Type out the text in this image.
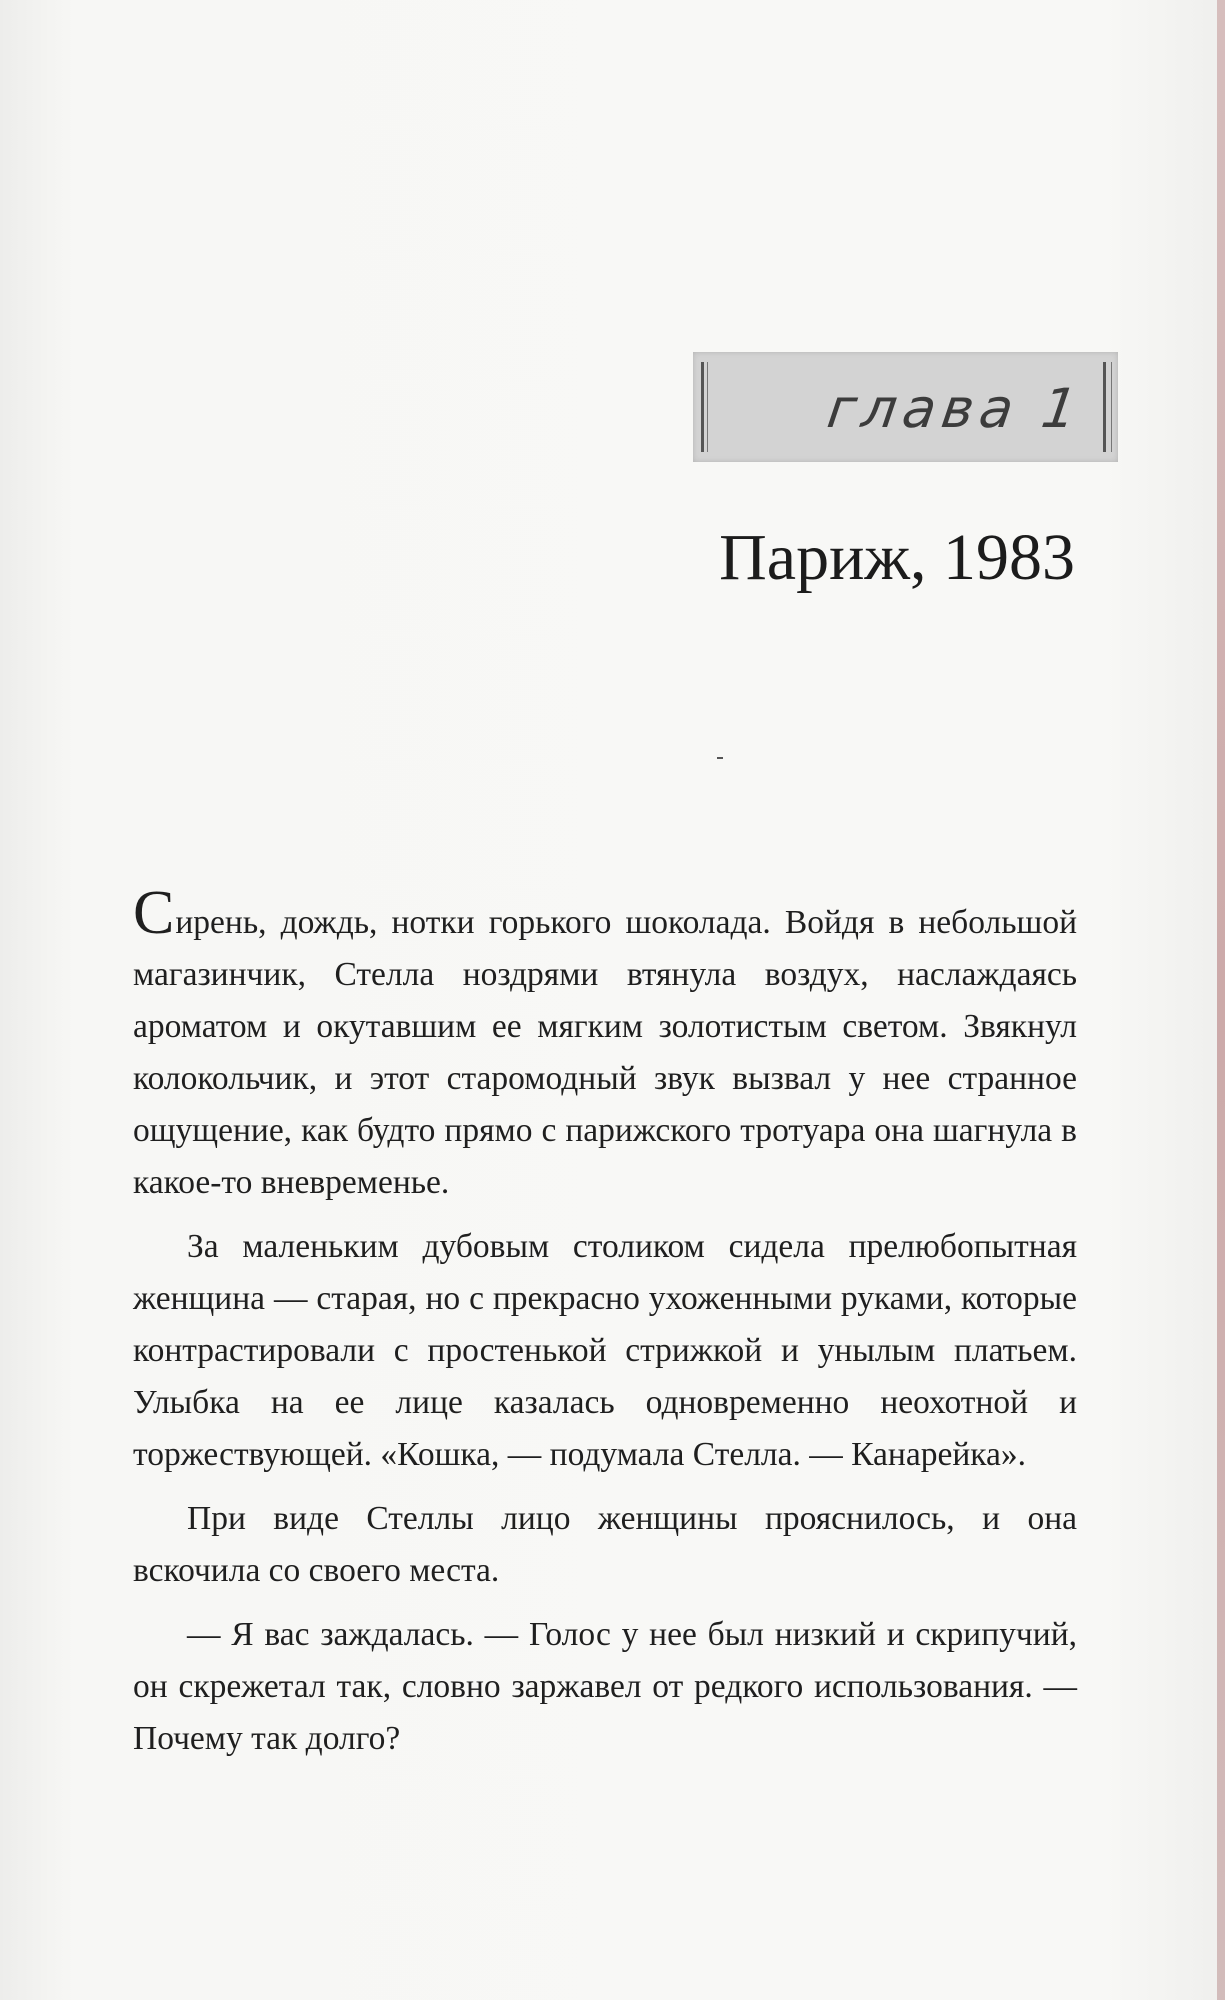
глава 1
Париж, 1983

Сирень, дождь, нотки горького шоколада. Войдя в небольшой магазинчик, Стелла ноздрями втянула воздух, наслаждаясь ароматом и окутавшим ее мягким золотистым светом. Звякнул колокольчик, и этот старомодный звук вызвал у нее странное ощущение, как будто прямо с парижского тротуара она шагнула в какое-то вневременье.

За маленьким дубовым столиком сидела прелюбопытная женщина — старая, но с прекрасно ухоженными руками, которые контрастировали с простенькой стрижкой и унылым платьем. Улыбка на ее лице казалась одновременно неохотной и торжествующей. «Кошка, — подумала Стелла. — Канарейка».

При виде Стеллы лицо женщины прояснилось, и она вскочила со своего места.

— Я вас заждалась. — Голос у нее был низкий и скрипучий, он скрежетал так, словно заржавел от редкого использования. — Почему так долго?
